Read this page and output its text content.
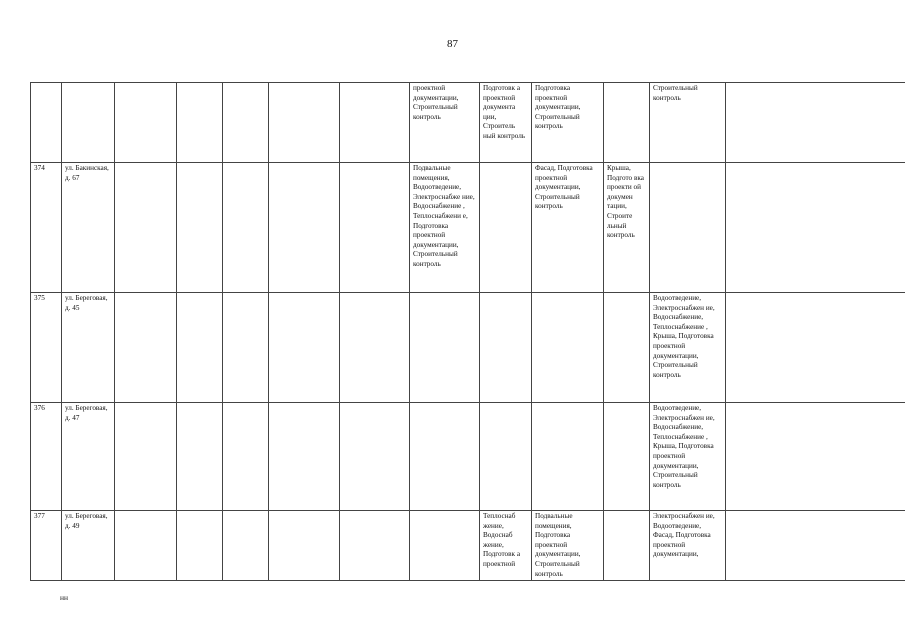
87
							проектной документации, Строительный контроль	Подготовк а проектной документа ции, Строитель ный контроль	Подготовка проектной документации, Строительный контроль		Строительный контроль	
374	ул. Бакинская, д. 67						Подвальные помещения, Водоотведение, Электроснабже ние, Водоснабжение , Теплоснабжени е, Подготовка проектной документации, Строительный контроль		Фасад, Подготовка проектной документации, Строительный контроль	Крыша, Подгото вка проекти ой докумен тации, Строите льный контроль		
375	ул. Береговая, д. 45										Водоотведение, Электроснабжен ие, Водоснабжение, Теплоснабжение , Крыша, Подготовка проектной документации, Строительный контроль	
376	ул. Береговая, д. 47										Водоотведение, Электроснабжен ие, Водоснабжение, Теплоснабжение , Крыша, Подготовка проектной документации, Строительный контроль	
377	ул. Береговая, д. 49							Теплоснаб жение, Водоснаб жение, Подготовк а проектной	Подвальные помещения, Подготовка проектной документации, Строительный контроль		Электроснабжен ие, Водоотведение, Фасад, Подготовка проектной документации,	
нн
